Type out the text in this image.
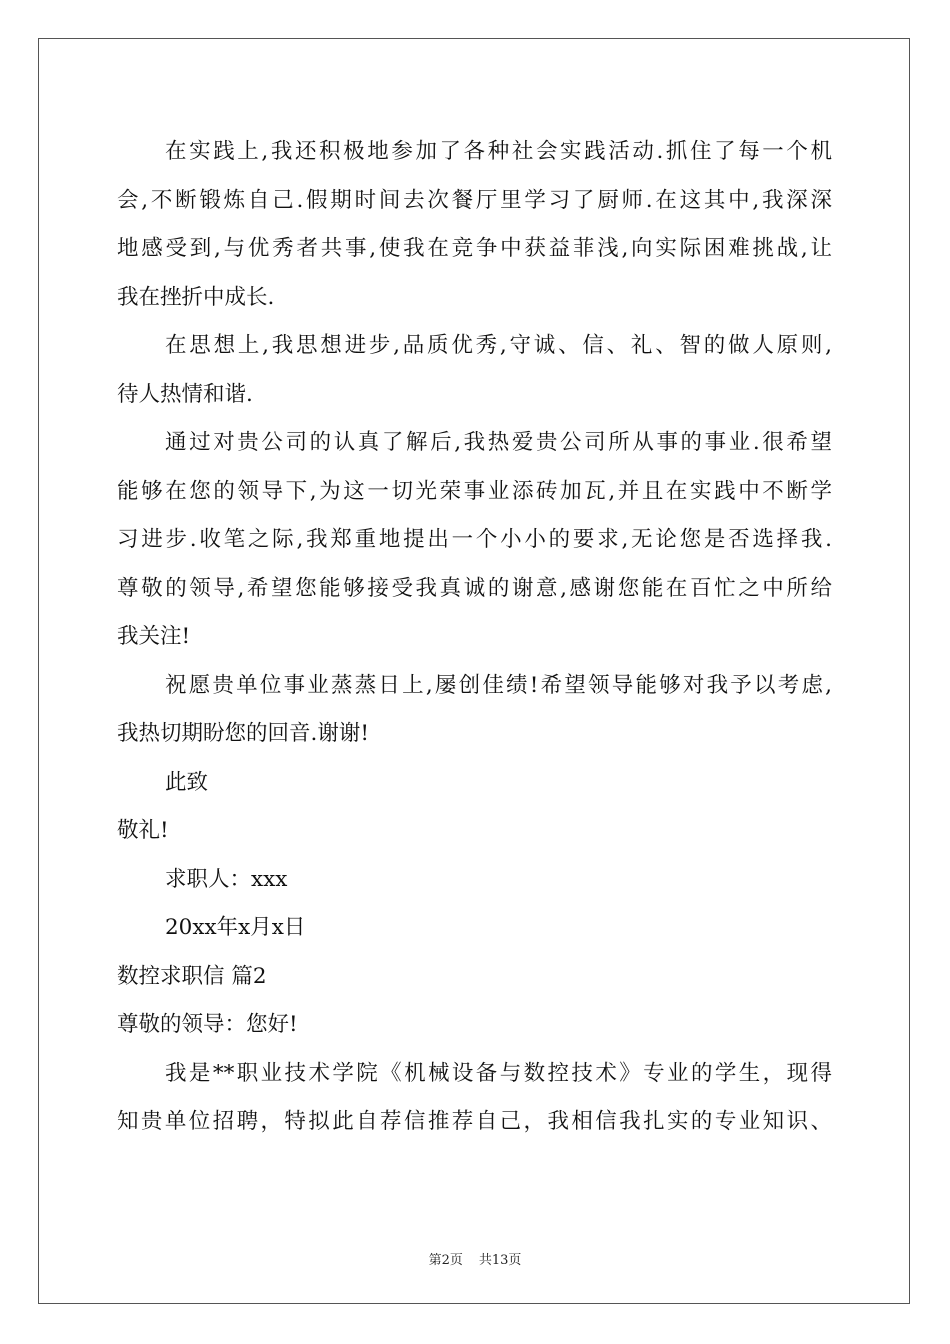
在实践上,我还积极地参加了各种社会实践活动.抓住了每一个机
会,不断锻炼自己.假期时间去次餐厅里学习了厨师.在这其中,我深深
地感受到,与优秀者共事,使我在竞争中获益菲浅,向实际困难挑战,让
我在挫折中成长.
在思想上,我思想进步,品质优秀,守诚、信、礼、智的做人原则,
待人热情和谐.
通过对贵公司的认真了解后,我热爱贵公司所从事的事业.很希望
能够在您的领导下,为这一切光荣事业添砖加瓦,并且在实践中不断学
习进步.收笔之际,我郑重地提出一个小小的要求,无论您是否选择我.
尊敬的领导,希望您能够接受我真诚的谢意,感谢您能在百忙之中所给
我关注!
祝愿贵单位事业蒸蒸日上,屡创佳绩!希望领导能够对我予以考虑,
我热切期盼您的回音.谢谢!
此致
敬礼!
求职人：xxx
20xx年x月x日
数控求职信 篇2
尊敬的领导：您好!
我是**职业技术学院《机械设备与数控技术》专业的学生，现得
知贵单位招聘，特拟此自荐信推荐自己，我相信我扎实的专业知识、
第2页 共13页
